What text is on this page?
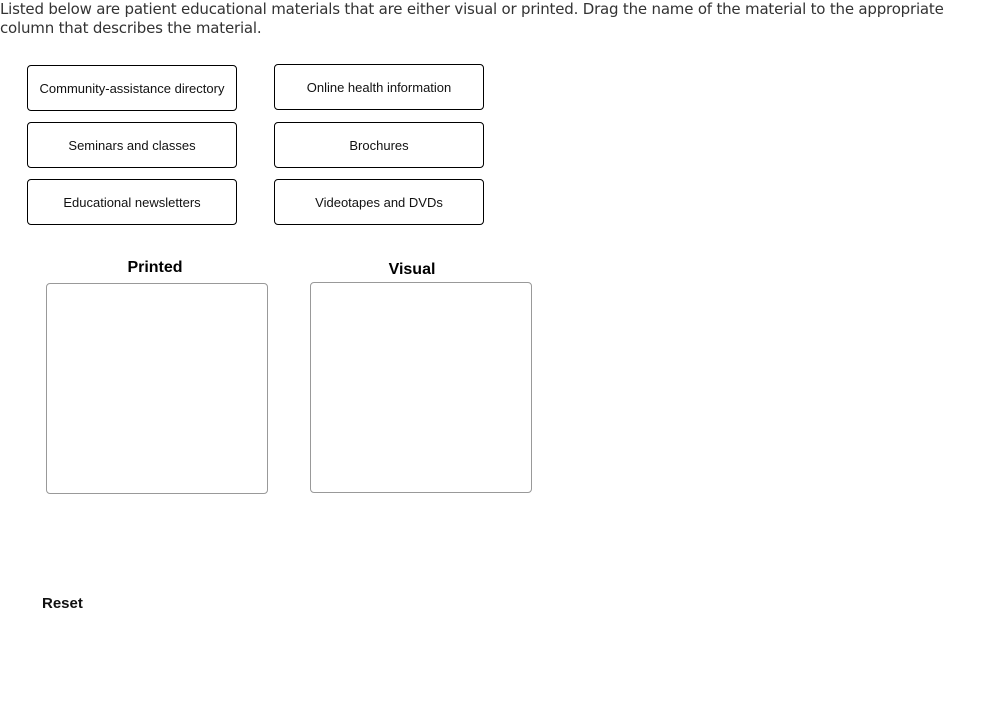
Listed below are patient educational materials that are either visual or printed. Drag the name of the material to the appropriate column that describes the material.
Community-assistance directory	Online health information
Seminars and classes	Brochures
Educational newsletters	Videotapes and DVDs
Printed	Visual
Reset
